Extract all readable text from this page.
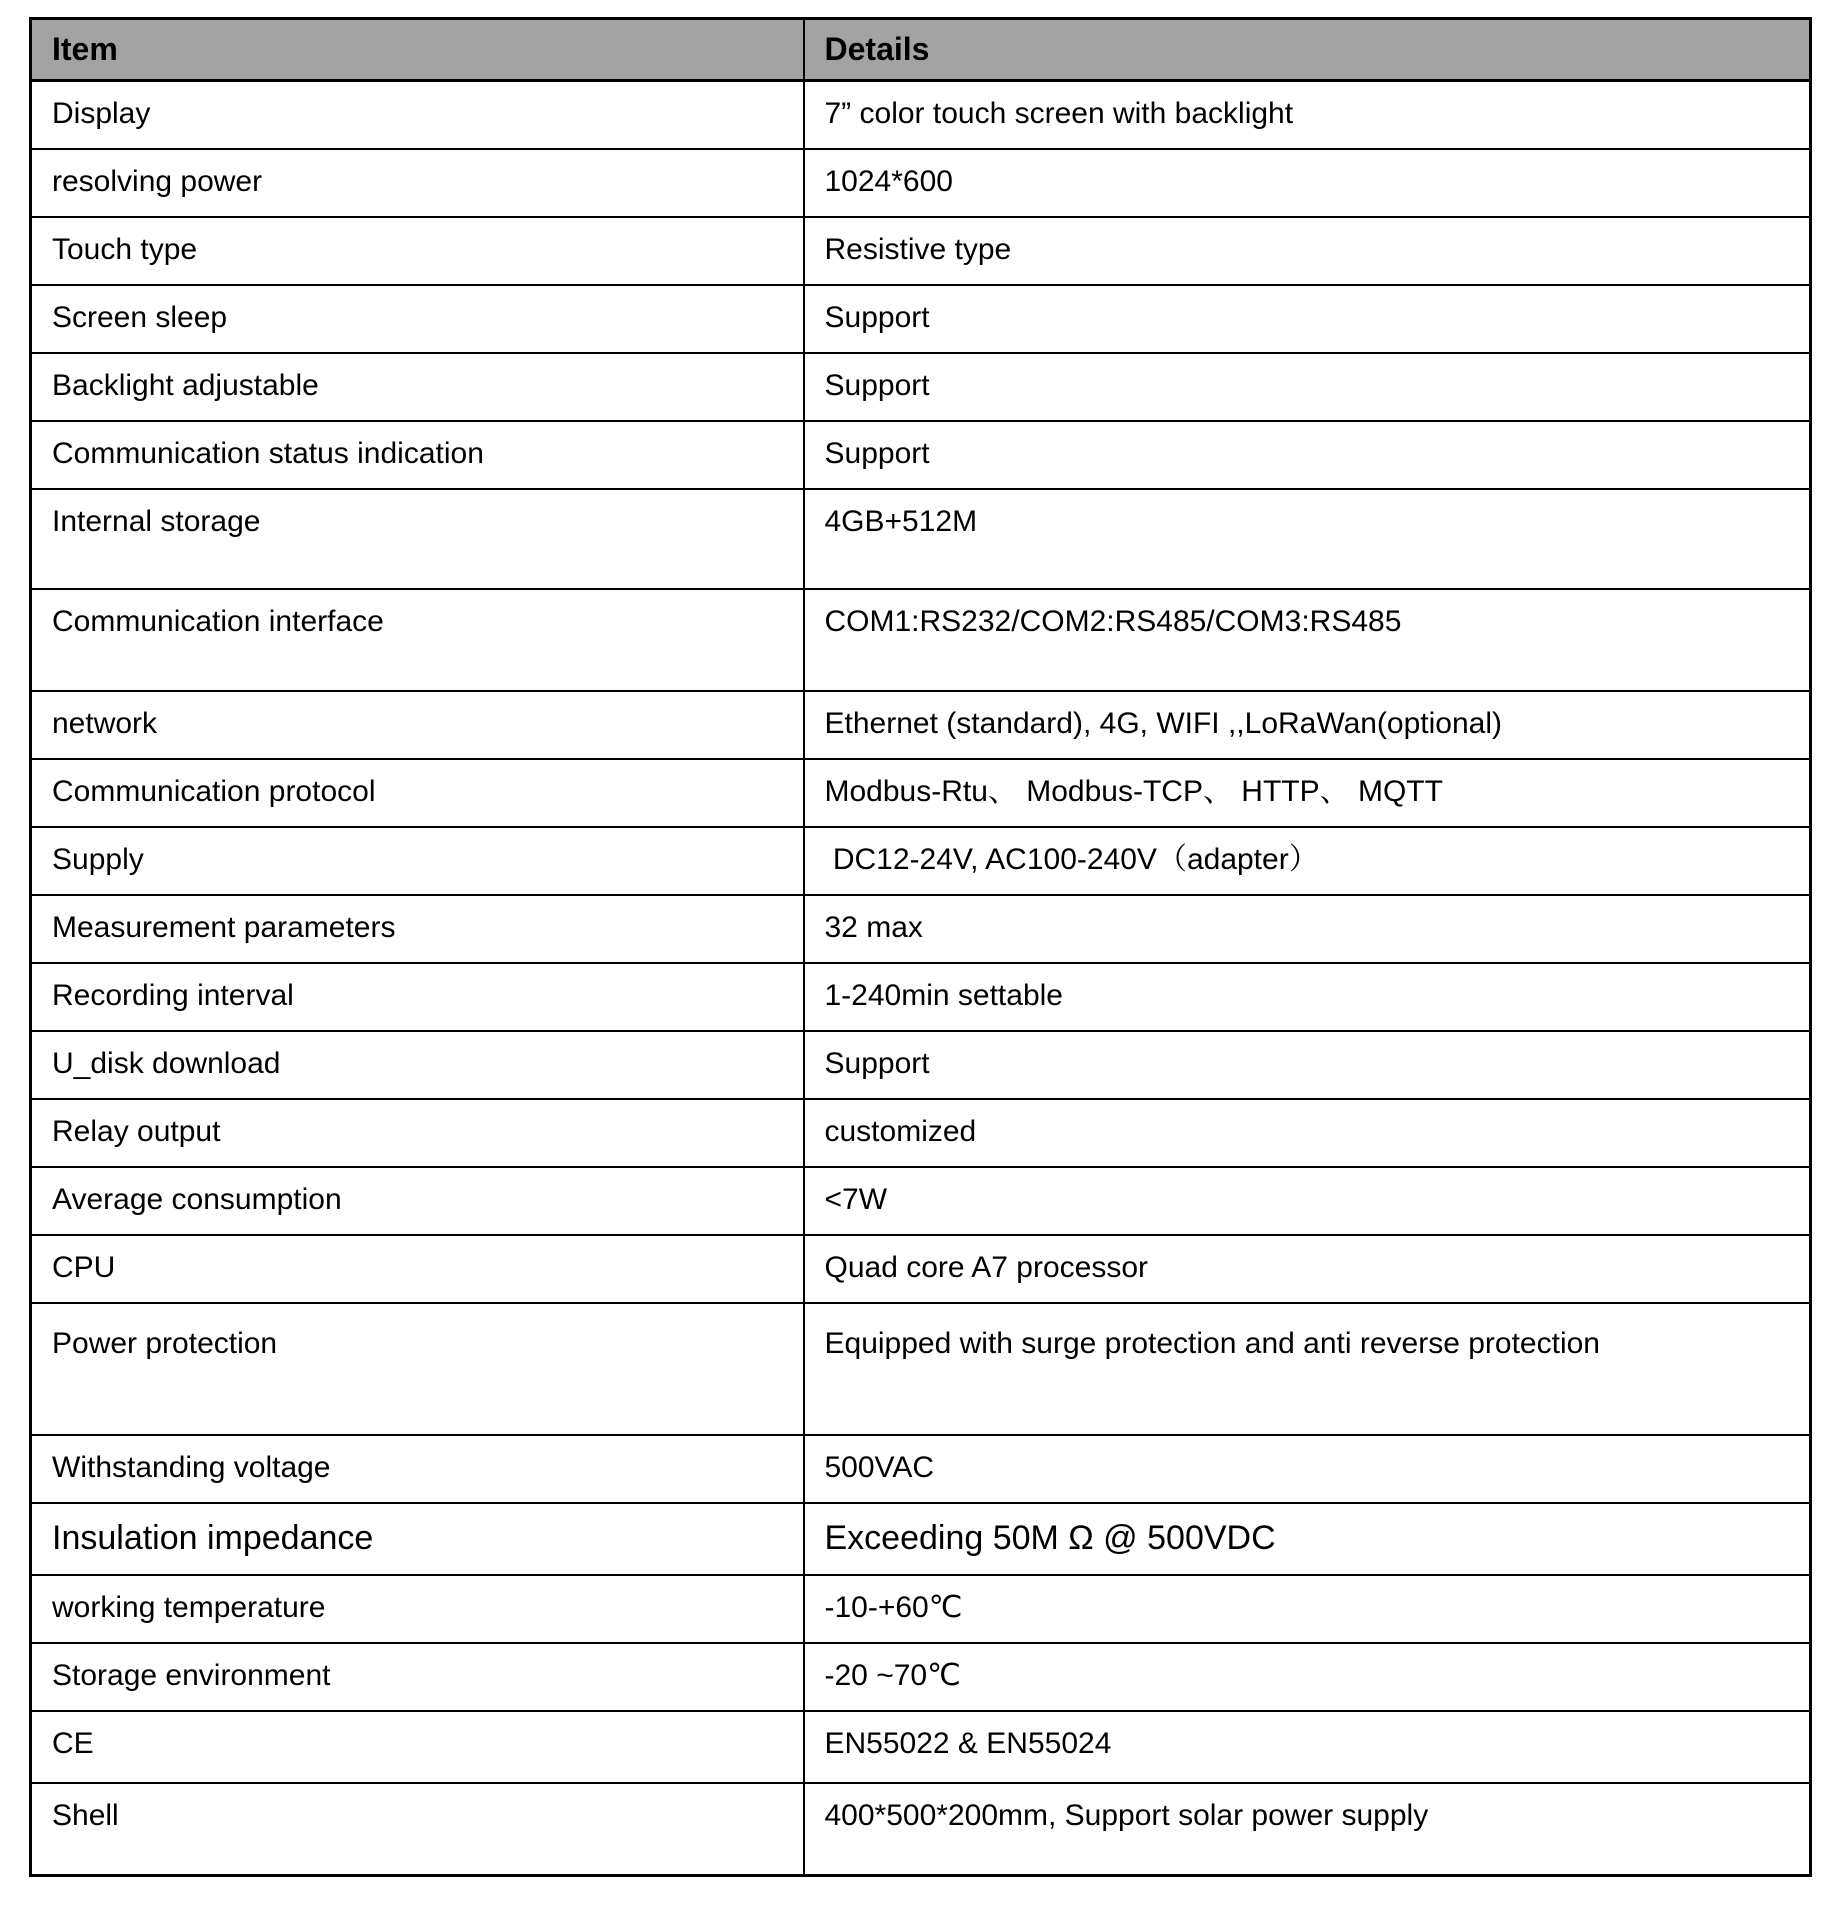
Item	Details
Display	7” color touch screen with backlight
resolving power	1024*600
Touch type	Resistive type
Screen sleep	Support
Backlight adjustable	Support
Communication status indication	Support
Internal storage	4GB+512M
Communication interface	COM1:RS232/COM2:RS485/COM3:RS485
network	Ethernet (standard), 4G, WIFI ,,LoRaWan(optional)
Communication protocol	Modbus-Rtu、 Modbus-TCP、 HTTP、 MQTT
Supply	DC12-24V, AC100-240V（adapter）
Measurement parameters	32 max
Recording interval	1-240min settable
U_disk download	Support
Relay output	customized
Average consumption	<7W
CPU	Quad core A7 processor
Power protection	Equipped with surge protection and anti reverse protection
Withstanding voltage	500VAC
Insulation impedance	Exceeding 50M Ω @ 500VDC
working temperature	-10-+60℃
Storage environment	-20 ~70℃
CE	EN55022 & EN55024
Shell	400*500*200mm, Support solar power supply
